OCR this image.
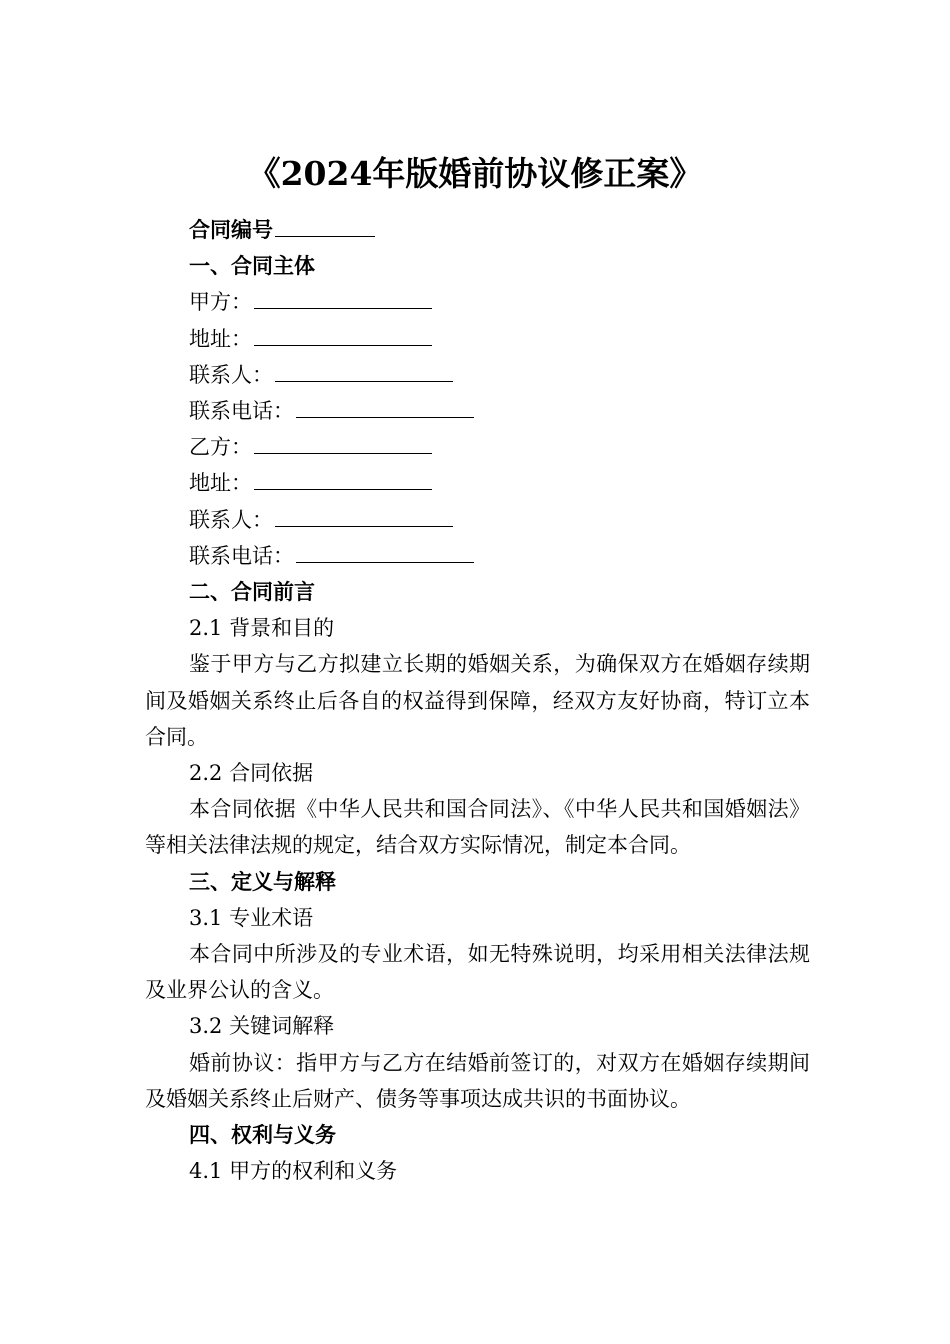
《2024年版婚前协议修正案》
合同编号
一、合同主体
甲方：
地址：
联系人：
联系电话：
乙方：
地址：
联系人：
联系电话：
二、合同前言
2.1 背景和目的
鉴于甲方与乙方拟建立长期的婚姻关系，为确保双方在婚姻存续期间及婚姻关系终止后各自的权益得到保障，经双方友好协商，特订立本合同。
2.2 合同依据
本合同依据《中华人民共和国合同法》、《中华人民共和国婚姻法》等相关法律法规的规定，结合双方实际情况，制定本合同。
三、定义与解释
3.1 专业术语
本合同中所涉及的专业术语，如无特殊说明，均采用相关法律法规及业界公认的含义。
3.2 关键词解释
婚前协议：指甲方与乙方在结婚前签订的，对双方在婚姻存续期间及婚姻关系终止后财产、债务等事项达成共识的书面协议。
四、权利与义务
4.1 甲方的权利和义务
